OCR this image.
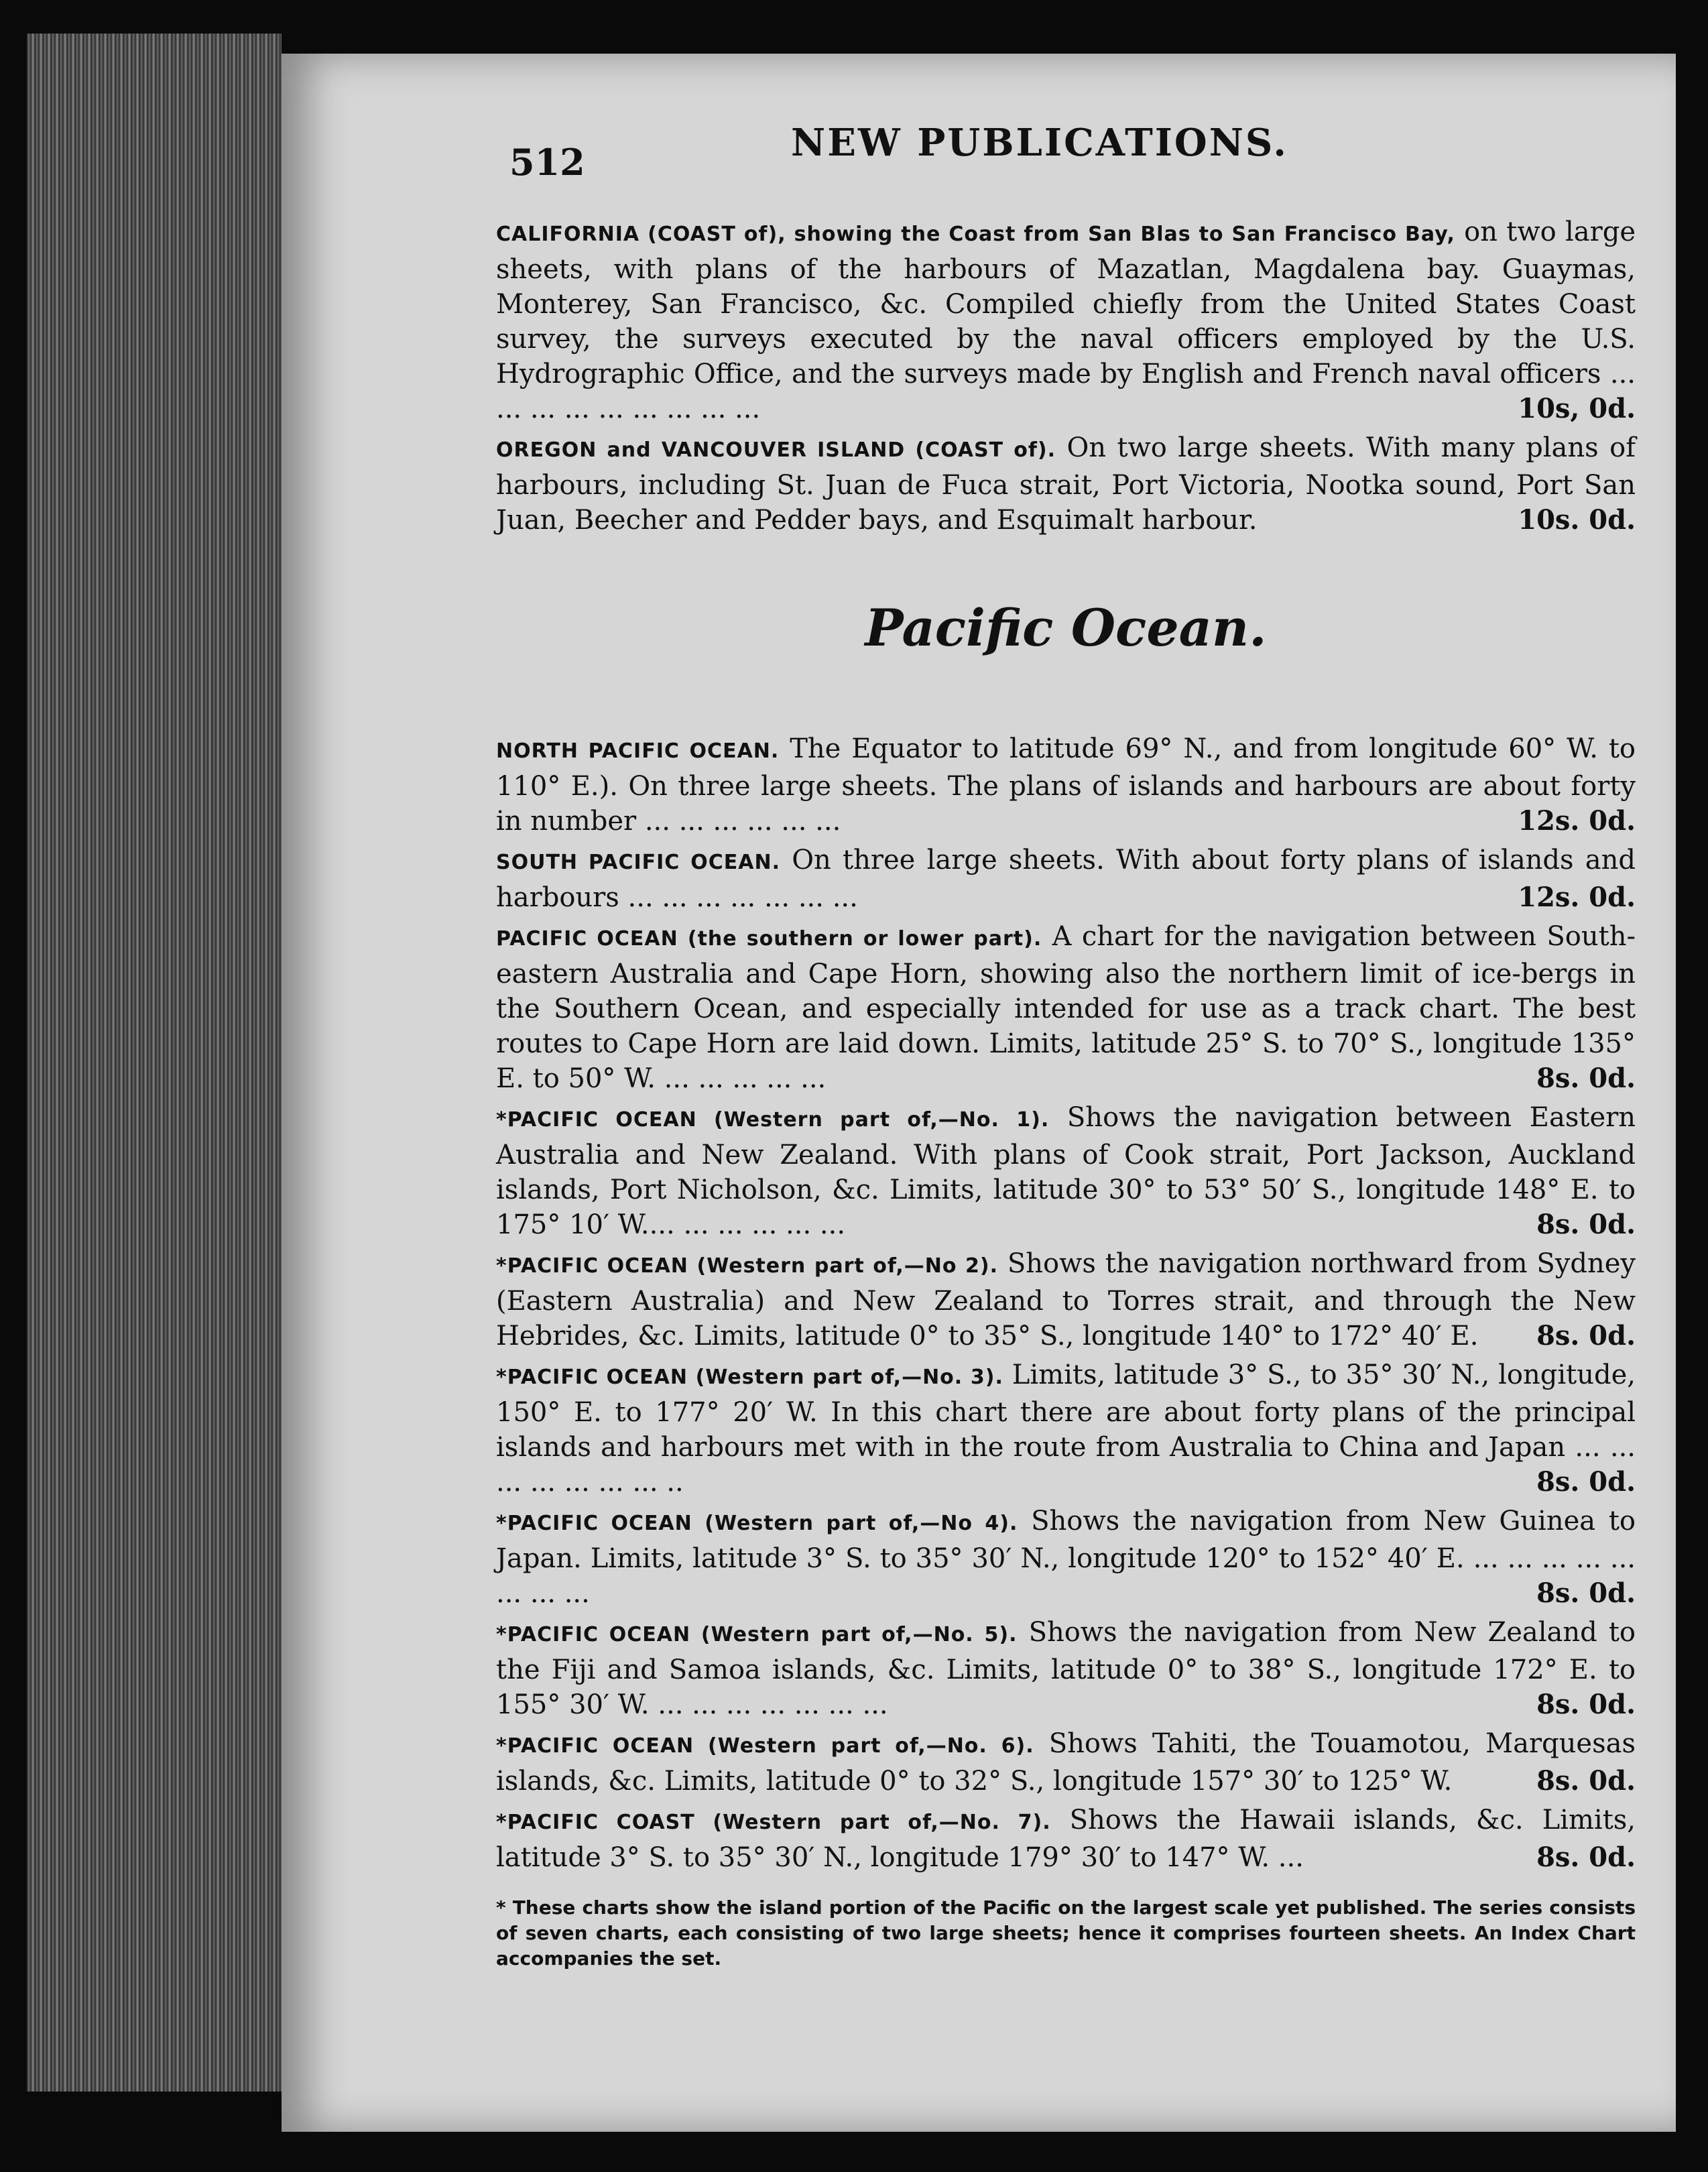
512	NEW PUBLICATIONS.
CALIFORNIA (COAST of), showing the Coast from San Blas to San Francisco Bay, on two large sheets, with plans of the harbours of Mazatlan, Magdalena bay. Guaymas, Monterey, San Francisco, &c. Compiled chiefly from the United States Coast survey, the surveys executed by the naval officers employed by the U.S. Hydrographic Office, and the surveys made by English and French naval officers ... ... ... ... ... ... ... ... ...	10s, 0d.
OREGON and VANCOUVER ISLAND (COAST of). On two large sheets. With many plans of harbours, including St. Juan de Fuca strait, Port Victoria, Nootka sound, Port San Juan, Beecher and Pedder bays, and Esquimalt harbour.	10s. 0d.
Pacific Ocean.
NORTH PACIFIC OCEAN. The Equator to latitude 69° N., and from longitude 60° W. to 110° E.). On three large sheets. The plans of islands and harbours are about forty in number ... ... ... ... ... ...	12s. 0d.
SOUTH PACIFIC OCEAN. On three large sheets. With about forty plans of islands and harbours ... ... ... ... ... ... ...	12s. 0d.
PACIFIC OCEAN (the southern or lower part). A chart for the navigation between South-eastern Australia and Cape Horn, showing also the northern limit of ice-bergs in the Southern Ocean, and especially intended for use as a track chart. The best routes to Cape Horn are laid down. Limits, latitude 25° S. to 70° S., longitude 135° E. to 50° W. ... ... ... ... ...	8s. 0d.
*PACIFIC OCEAN (Western part of,—No. 1). Shows the navigation between Eastern Australia and New Zealand. With plans of Cook strait, Port Jackson, Auckland islands, Port Nicholson, &c. Limits, latitude 30° to 53° 50′ S., longitude 148° E. to 175° 10′ W.... ... ... ... ... ...	8s. 0d.
*PACIFIC OCEAN (Western part of,—No 2). Shows the navigation northward from Sydney (Eastern Australia) and New Zealand to Torres strait, and through the New Hebrides, &c. Limits, latitude 0° to 35° S., longitude 140° to 172° 40′ E. 8s. 0d.
*PACIFIC OCEAN (Western part of,—No. 3). Limits, latitude 3° S., to 35° 30′ N., longitude, 150° E. to 177° 20′ W. In this chart there are about forty plans of the principal islands and harbours met with in the route from Australia to China and Japan ... ... ... ... ... ... ... ..	8s. 0d.
*PACIFIC OCEAN (Western part of,—No 4). Shows the navigation from New Guinea to Japan. Limits, latitude 3° S. to 35° 30′ N., longitude 120° to 152° 40′ E. ... ... ... ... ... ... ... ...	8s. 0d.
*PACIFIC OCEAN (Western part of,—No. 5). Shows the navigation from New Zealand to the Fiji and Samoa islands, &c. Limits, latitude 0° to 38° S., longitude 172° E. to 155° 30′ W. ... ... ... ... ... ... ...	8s. 0d.
*PACIFIC OCEAN (Western part of,—No. 6). Shows Tahiti, the Touamotou, Marquesas islands, &c. Limits, latitude 0° to 32° S., longitude 157° 30′ to 125° W.	8s. 0d.
*PACIFIC COAST (Western part of,—No. 7). Shows the Hawaii islands, &c. Limits, latitude 3° S. to 35° 30′ N., longitude 179° 30′ to 147° W. ...	8s. 0d.
* These charts show the island portion of the Pacific on the largest scale yet published. The series consists of seven charts, each consisting of two large sheets; hence it comprises fourteen sheets. An Index Chart accompanies the set.
